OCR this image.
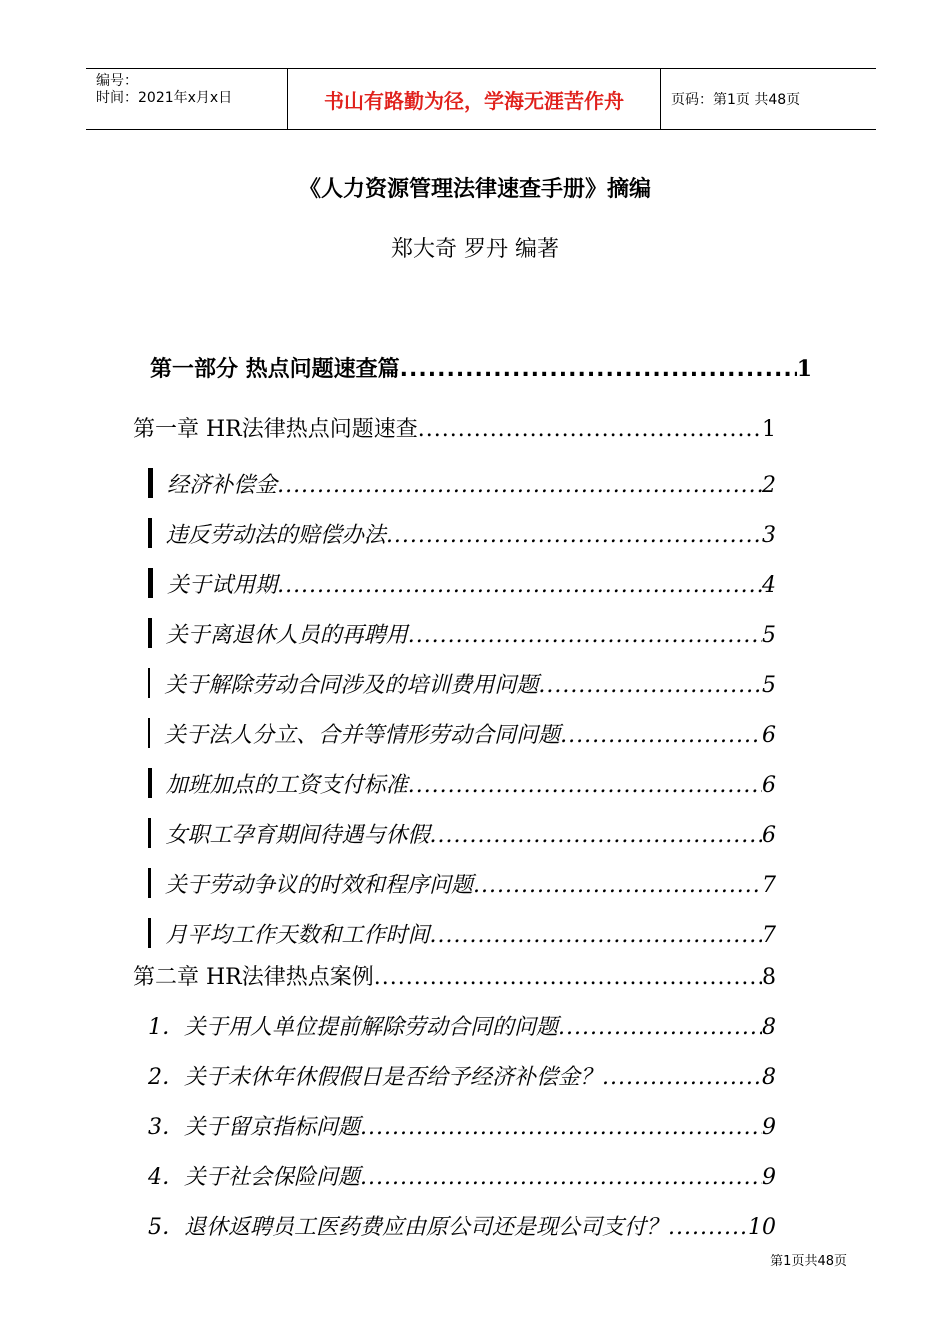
编号：
时间：2021年x月x日	书山有路勤为径，学海无涯苦作舟	页码：第1页 共48页
《人力资源管理法律速查手册》摘编
郑大奇 罗丹 编著
第一部分 热点问题速查篇 .....	1
第一章 HR法律热点问题速查 .....	1
经济补偿金 .....	2
违反劳动法的赔偿办法 .....	3
关于试用期 .....	4
关于离退休人员的再聘用 .....	5
关于解除劳动合同涉及的培训费用问题 .....	5
关于法人分立、合并等情形劳动合同问题 .....	6
加班加点的工资支付标准 .....	6
女职工孕育期间待遇与休假 .....	6
关于劳动争议的时效和程序问题 .....	7
月平均工作天数和工作时间 .....	7
第二章 HR法律热点案例 .....	8
1．关于用人单位提前解除劳动合同的问题 .....	8
2．关于未休年休假假日是否给予经济补偿金？ .....	8
3．关于留京指标问题 .....	9
4．关于社会保险问题 .....	9
5．退休返聘员工医药费应由原公司还是现公司支付？ .....	10
第1页共48页
